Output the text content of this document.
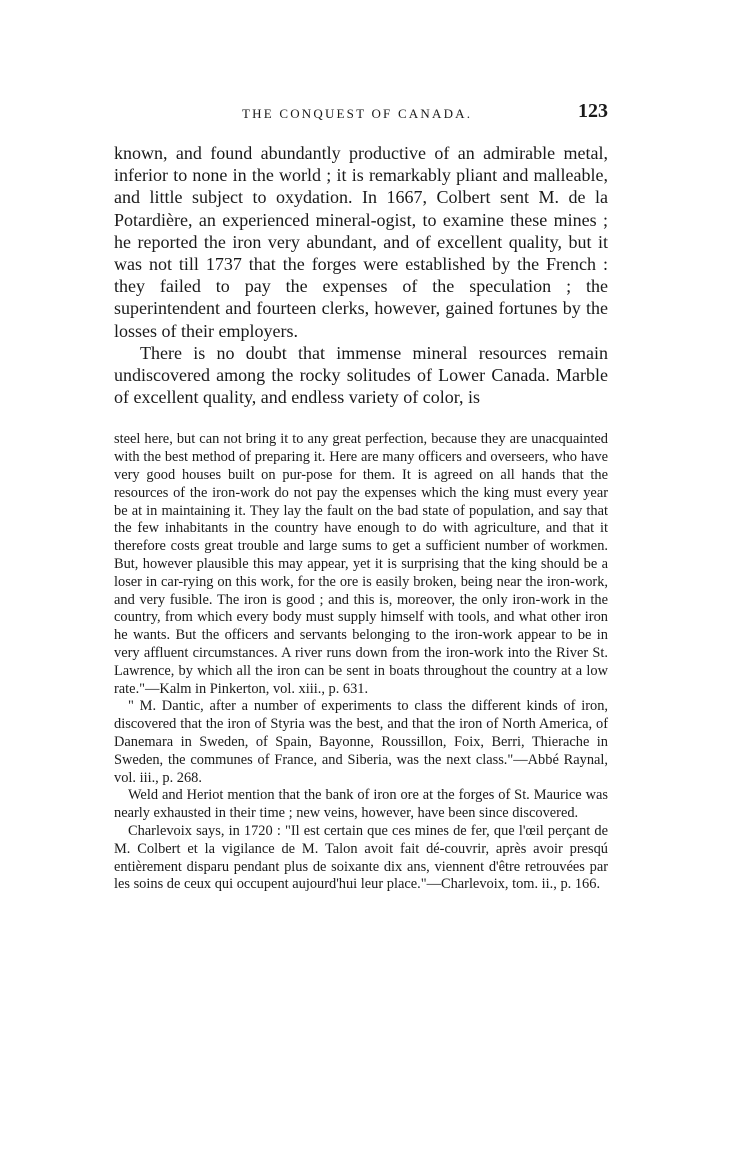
THE CONQUEST OF CANADA.	123

known, and found abundantly productive of an admirable metal, inferior to none in the world ; it is remarkably pliant and malleable, and little subject to oxydation. In 1667, Colbert sent M. de la Potardière, an experienced mineral-ogist, to examine these mines ; he reported the iron very abundant, and of excellent quality, but it was not till 1737 that the forges were established by the French : they failed to pay the expenses of the speculation ; the superintendent and fourteen clerks, however, gained fortunes by the losses of their employers.

There is no doubt that immense mineral resources remain undiscovered among the rocky solitudes of Lower Canada. Marble of excellent quality, and endless variety of color, is

steel here, but can not bring it to any great perfection, because they are unacquainted with the best method of preparing it. Here are many officers and overseers, who have very good houses built on pur-pose for them. It is agreed on all hands that the resources of the iron-work do not pay the expenses which the king must every year be at in maintaining it. They lay the fault on the bad state of population, and say that the few inhabitants in the country have enough to do with agriculture, and that it therefore costs great trouble and large sums to get a sufficient number of workmen. But, however plausible this may appear, yet it is surprising that the king should be a loser in car-rying on this work, for the ore is easily broken, being near the iron-work, and very fusible. The iron is good ; and this is, moreover, the only iron-work in the country, from which every body must supply himself with tools, and what other iron he wants. But the officers and servants belonging to the iron-work appear to be in very affluent circumstances. A river runs down from the iron-work into the River St. Lawrence, by which all the iron can be sent in boats throughout the country at a low rate."—Kalm in Pinkerton, vol. xiii., p. 631.

" M. Dantic, after a number of experiments to class the different kinds of iron, discovered that the iron of Styria was the best, and that the iron of North America, of Danemara in Sweden, of Spain, Bayonne, Roussillon, Foix, Berri, Thierache in Sweden, the communes of France, and Siberia, was the next class."—Abbé Raynal, vol. iii., p. 268.

Weld and Heriot mention that the bank of iron ore at the forges of St. Maurice was nearly exhausted in their time ; new veins, however, have been since discovered.

Charlevoix says, in 1720 : "Il est certain que ces mines de fer, que l'œil perçant de M. Colbert et la vigilance de M. Talon avoit fait dé-couvrir, après avoir presqú entièrement disparu pendant plus de soixante dix ans, viennent d'être retrouvées par les soins de ceux qui occupent aujourd'hui leur place."—Charlevoix, tom. ii., p. 166.
